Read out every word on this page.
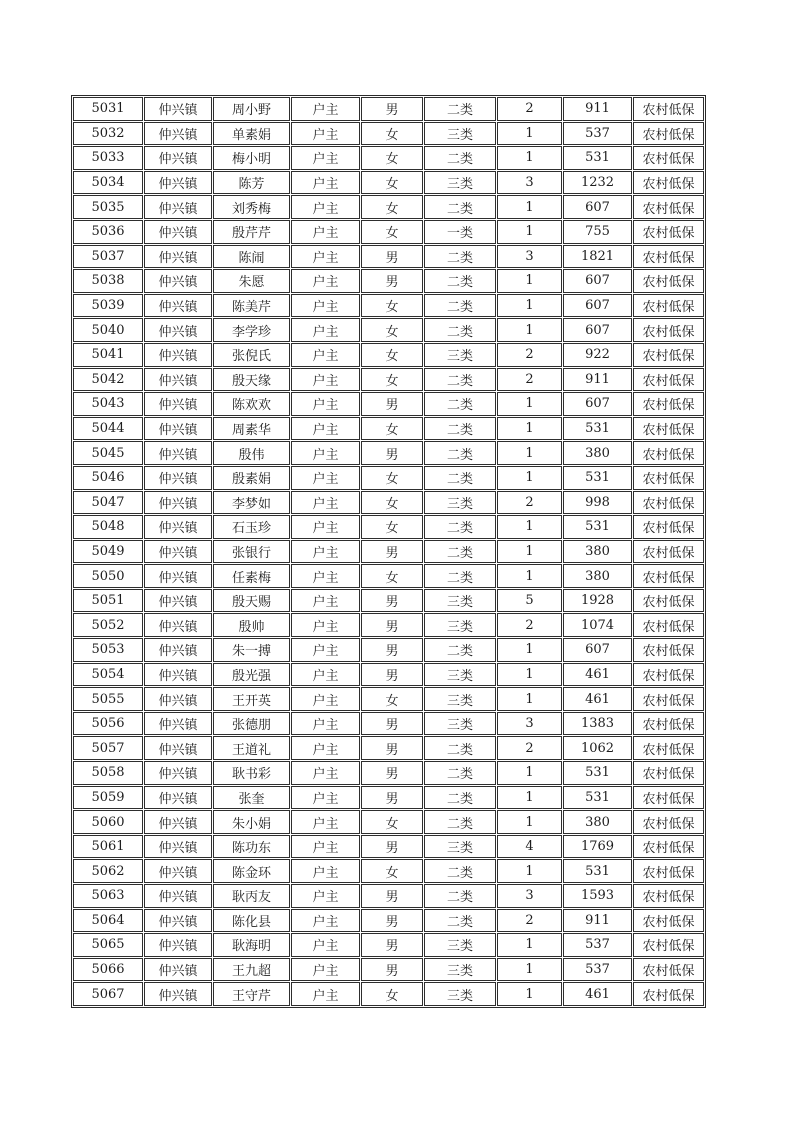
5031	仲兴镇	周小野	户主	男	二类	2	911	农村低保
5032	仲兴镇	单素娟	户主	女	三类	1	537	农村低保
5033	仲兴镇	梅小明	户主	女	二类	1	531	农村低保
5034	仲兴镇	陈芳	户主	女	三类	3	1232	农村低保
5035	仲兴镇	刘秀梅	户主	女	二类	1	607	农村低保
5036	仲兴镇	殷芹芹	户主	女	一类	1	755	农村低保
5037	仲兴镇	陈闹	户主	男	二类	3	1821	农村低保
5038	仲兴镇	朱愿	户主	男	二类	1	607	农村低保
5039	仲兴镇	陈美芹	户主	女	二类	1	607	农村低保
5040	仲兴镇	李学珍	户主	女	二类	1	607	农村低保
5041	仲兴镇	张倪氏	户主	女	三类	2	922	农村低保
5042	仲兴镇	殷天缘	户主	女	二类	2	911	农村低保
5043	仲兴镇	陈欢欢	户主	男	二类	1	607	农村低保
5044	仲兴镇	周素华	户主	女	二类	1	531	农村低保
5045	仲兴镇	殷伟	户主	男	二类	1	380	农村低保
5046	仲兴镇	殷素娟	户主	女	二类	1	531	农村低保
5047	仲兴镇	李梦如	户主	女	三类	2	998	农村低保
5048	仲兴镇	石玉珍	户主	女	二类	1	531	农村低保
5049	仲兴镇	张银行	户主	男	二类	1	380	农村低保
5050	仲兴镇	任素梅	户主	女	二类	1	380	农村低保
5051	仲兴镇	殷天赐	户主	男	三类	5	1928	农村低保
5052	仲兴镇	殷帅	户主	男	三类	2	1074	农村低保
5053	仲兴镇	朱一搏	户主	男	二类	1	607	农村低保
5054	仲兴镇	殷光强	户主	男	三类	1	461	农村低保
5055	仲兴镇	王开英	户主	女	三类	1	461	农村低保
5056	仲兴镇	张德朋	户主	男	三类	3	1383	农村低保
5057	仲兴镇	王道礼	户主	男	二类	2	1062	农村低保
5058	仲兴镇	耿书彩	户主	男	二类	1	531	农村低保
5059	仲兴镇	张奎	户主	男	二类	1	531	农村低保
5060	仲兴镇	朱小娟	户主	女	二类	1	380	农村低保
5061	仲兴镇	陈功东	户主	男	三类	4	1769	农村低保
5062	仲兴镇	陈金环	户主	女	二类	1	531	农村低保
5063	仲兴镇	耿丙友	户主	男	二类	3	1593	农村低保
5064	仲兴镇	陈化县	户主	男	二类	2	911	农村低保
5065	仲兴镇	耿海明	户主	男	三类	1	537	农村低保
5066	仲兴镇	王九超	户主	男	三类	1	537	农村低保
5067	仲兴镇	王守芹	户主	女	三类	1	461	农村低保
